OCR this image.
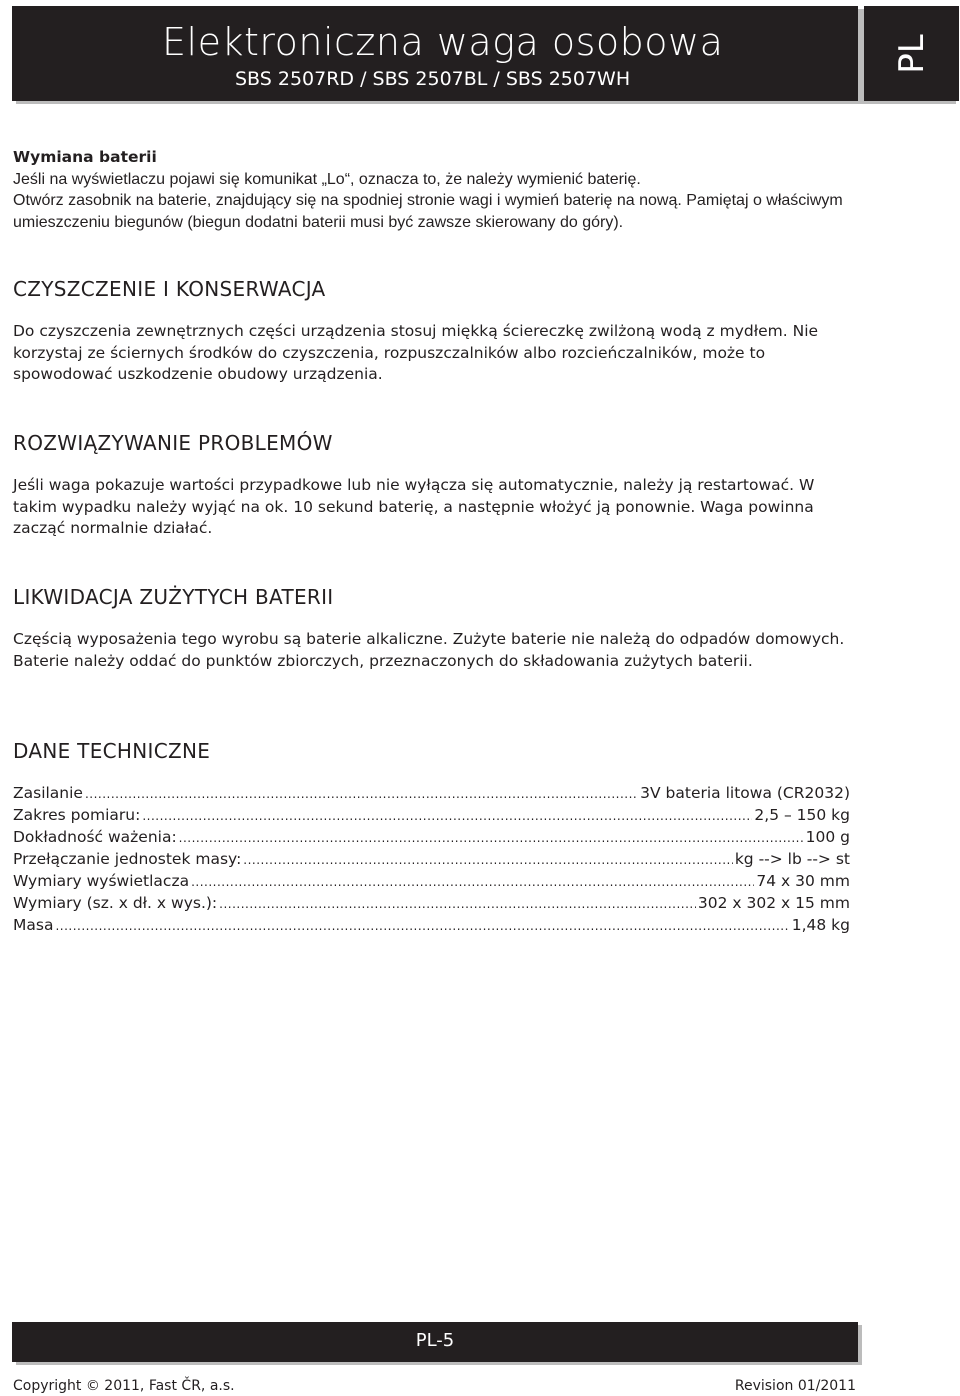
Elektroniczna waga osobowa
SBS 2507RD / SBS 2507BL / SBS 2507WH
PL

Wymiana baterii

Jeśli na wyświetlaczu pojawi się komunikat „Lo“, oznacza to, że należy wymienić baterię.

Otwórz zasobnik na baterie, znajdujący się na spodniej stronie wagi i wymień baterię na nową. Pamiętaj o właściwym umieszczeniu biegunów (biegun dodatni baterii musi być zawsze skierowany do góry).

CZYSZCZENIE I KONSERWACJA

Do czyszczenia zewnętrznych części urządzenia stosuj miękką ściereczkę zwilżoną wodą z mydłem. Nie korzystaj ze ściernych środków do czyszczenia, rozpuszczalników albo rozcieńczalników, może to spowodować uszkodzenie obudowy urządzenia.

ROZWIĄZYWANIE PROBLEMÓW

Jeśli waga pokazuje wartości przypadkowe lub nie wyłącza się automatycznie, należy ją restartować. W takim wypadku należy wyjąć na ok. 10 sekund baterię, a następnie włożyć ją ponownie. Waga powinna zacząć normalnie działać.

LIKWIDACJA ZUŻYTYCH BATERII

Częścią wyposażenia tego wyrobu są baterie alkaliczne. Zużyte baterie nie należą do odpadów domowych.

Baterie należy oddać do punktów zbiorczych, przeznaczonych do składowania zużytych baterii.

DANE TECHNICZNE
Zasilanie .....	3V bateria litowa (CR2032)
Zakres pomiaru: .....	2,5 – 150 kg
Dokładność ważenia: .....	100 g
Przełączanie jednostek masy: .....	kg --> lb --> st
Wymiary wyświetlacza .....	74 x 30 mm
Wymiary (sz. x dł. x wys.): .....	302 x 302 x 15 mm
Masa .....	1,48 kg
PL-5
Copyright © 2011, Fast ČR, a.s.	Revision 01/2011
